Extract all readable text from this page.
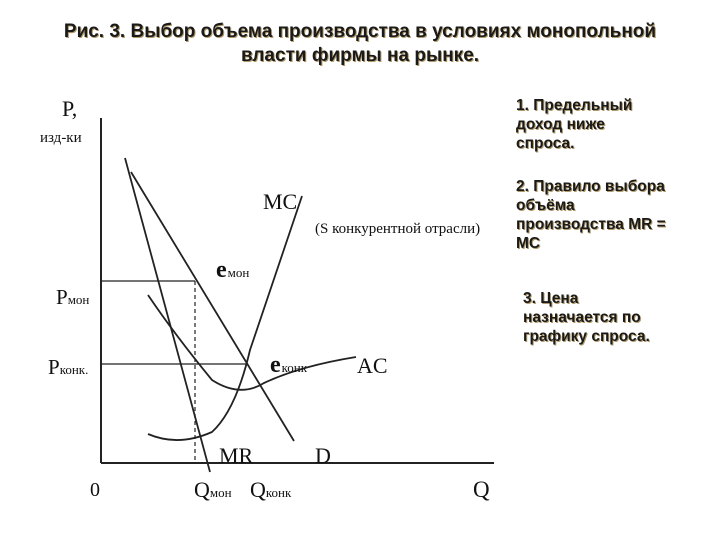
Рис. 3. Выбор объема производства в условиях монопольной
власти фирмы на рынке.
P,
изд-ки
0	Q
MC
(S конкурентной отрасли)
AC
MR	D
eмон
eконк
Pмон
Pконк.
Qмон Qконк
1. Предельный
доход ниже
спроса.
2. Правило выбора
объёма
производства MR =
MC
3. Цена
назначается по
графику спроса.
